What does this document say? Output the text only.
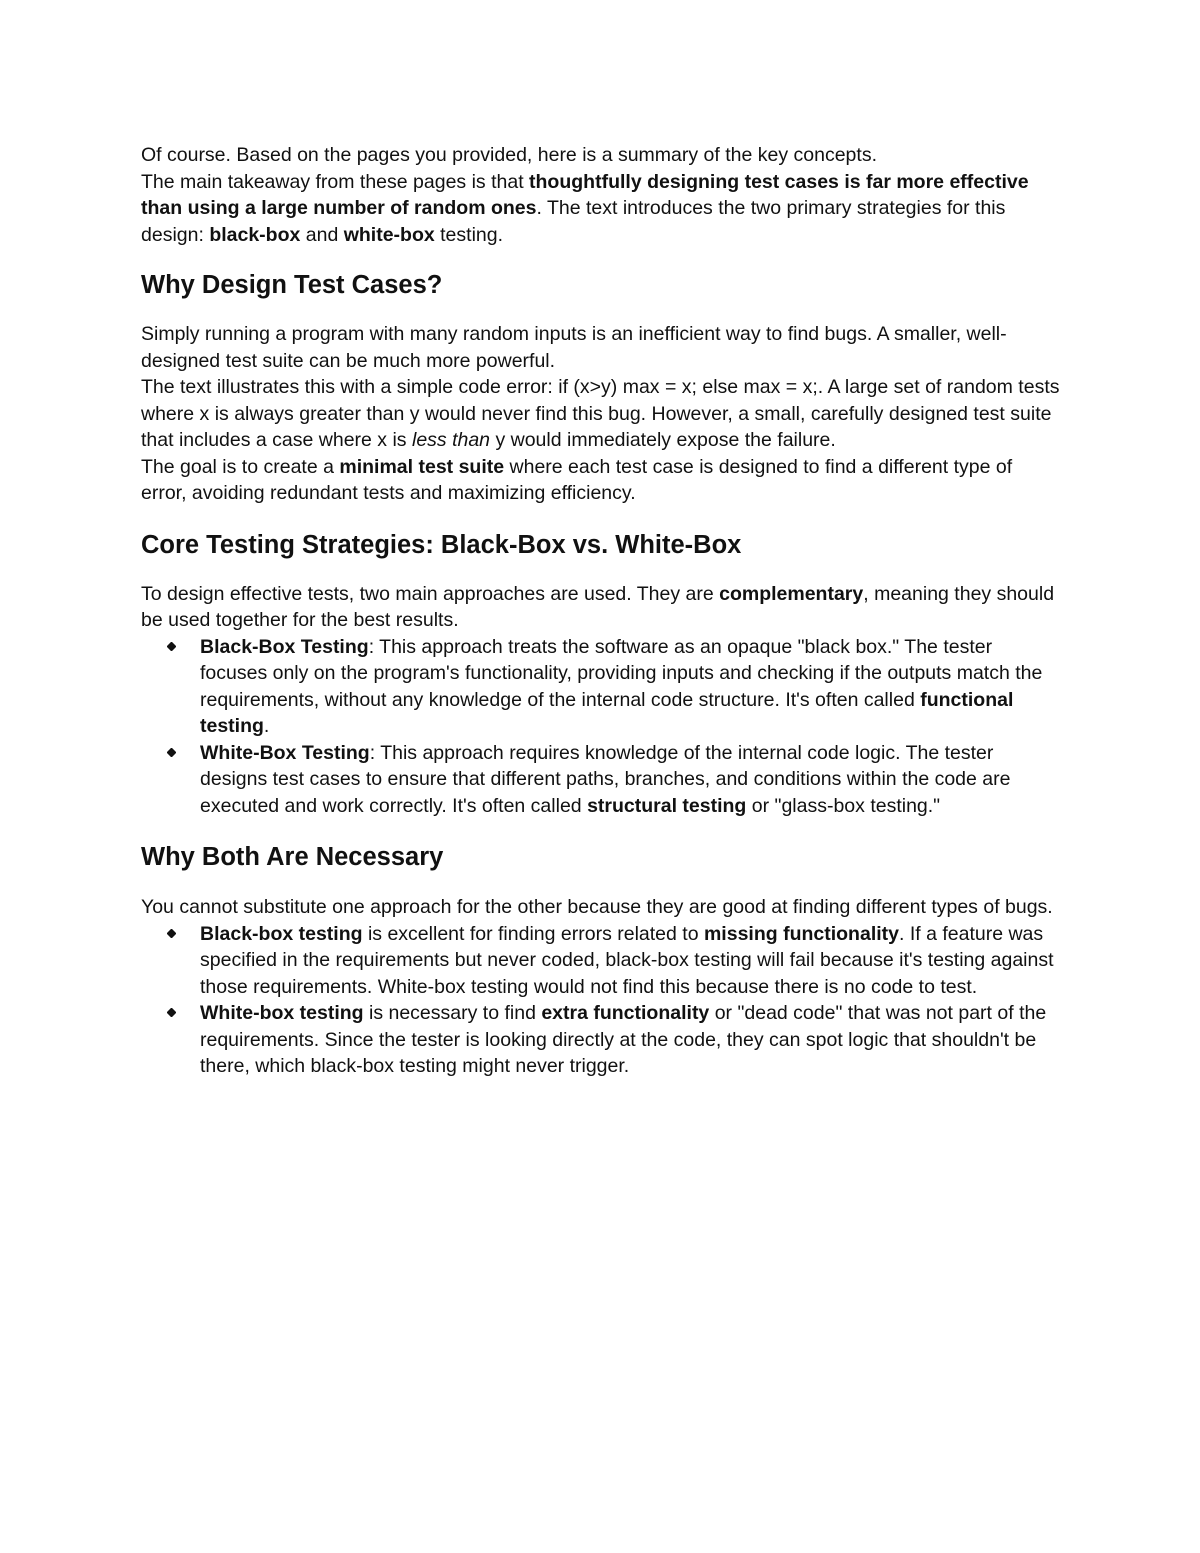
Of course. Based on the pages you provided, here is a summary of the key concepts.

The main takeaway from these pages is that thoughtfully designing test cases is far more effective than using a large number of random ones. The text introduces the two primary strategies for this design: black-box and white-box testing.

Why Design Test Cases?

Simply running a program with many random inputs is an inefficient way to find bugs. A smaller, well-designed test suite can be much more powerful.

The text illustrates this with a simple code error: if (x>y) max = x; else max = x;. A large set of random tests where x is always greater than y would never find this bug. However, a small, carefully designed test suite that includes a case where x is less than y would immediately expose the failure.

The goal is to create a minimal test suite where each test case is designed to find a different type of error, avoiding redundant tests and maximizing efficiency.

Core Testing Strategies: Black-Box vs. White-Box

To design effective tests, two main approaches are used. They are complementary, meaning they should be used together for the best results.

Black-Box Testing: This approach treats the software as an opaque "black box." The tester focuses only on the program's functionality, providing inputs and checking if the outputs match the requirements, without any knowledge of the internal code structure. It's often called functional testing.
White-Box Testing: This approach requires knowledge of the internal code logic. The tester designs test cases to ensure that different paths, branches, and conditions within the code are executed and work correctly. It's often called structural testing or "glass-box testing."
Why Both Are Necessary

You cannot substitute one approach for the other because they are good at finding different types of bugs.

Black-box testing is excellent for finding errors related to missing functionality. If a feature was specified in the requirements but never coded, black-box testing will fail because it's testing against those requirements. White-box testing would not find this because there is no code to test.
White-box testing is necessary to find extra functionality or "dead code" that was not part of the requirements. Since the tester is looking directly at the code, they can spot logic that shouldn't be there, which black-box testing might never trigger.
